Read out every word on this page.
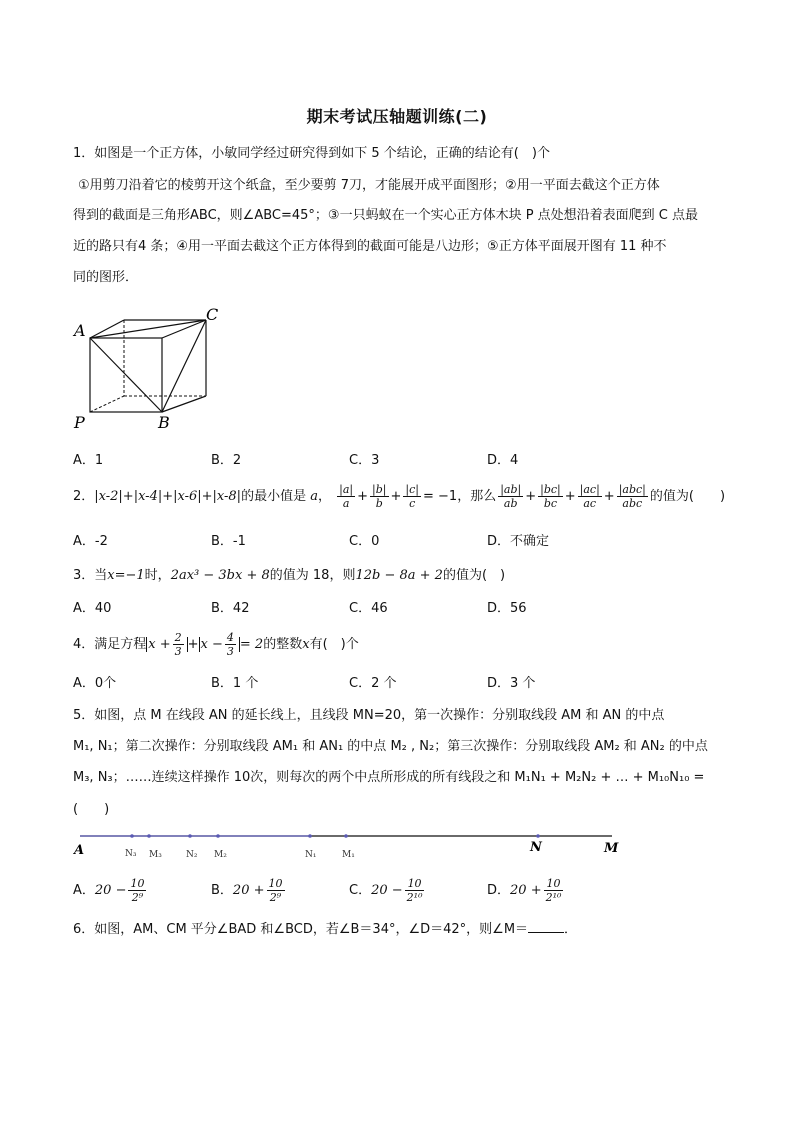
期末考试压轴题训练(二)
1．如图是一个正方体，小敏同学经过研究得到如下 5 个结论，正确的结论有(　)个
①用剪刀沿着它的棱剪开这个纸盒，至少要剪 7刀，才能展开成平面图形；②用一平面去截这个正方体
得到的截面是三角形ABC，则∠ABC=45°；③一只蚂蚁在一个实心正方体木块 P 点处想沿着表面爬到 C 点最
近的路只有4 条；④用一平面去截这个正方体得到的截面可能是八边形；⑤正方体平面展开图有 11 种不
同的图形．
A
C
P	B
A．1	B．2	C．3	D．4
2．|x-2|+|x-4|+|x-6|+|x-8|的最小值是 a， $\frac{|a|}{a} + \frac{|b|}{b} + \frac{|c|}{c} = -1$，那么 $\frac{|ab|}{ab} + \frac{|bc|}{bc} + \frac{|ac|}{ac} + \frac{\text{|abc|}}{\text{abc}}$ 的值为(　　)
A．-2	B．-1	C．0	D．不确定
3．当x=−1时，2ax³ − 3bx + 8的值为 18，则12b − 8a + 2的值为(　)
A．40	B．42	C．46	D．56
4．满足方程 $x + \frac{2}{3} + x - \frac{4}{3} = 2$的整数x有(　)个
A．0个	B．1 个	C．2 个	D．3 个
5．如图，点 M 在线段 AN 的延长线上，且线段 MN=20，第一次操作：分别取线段 AM 和 AN 的中点
M₁, N₁；第二次操作：分别取线段 AM₁ 和 AN₁ 的中点 M₂ , N₂；第三次操作：分别取线段 AM₂ 和 AN₂ 的中点
M₃, N₃；……连续这样操作 10次，则每次的两个中点所形成的所有线段之和 M₁N₁ + M₂N₂ + … + M₁₀N₁₀ =
(　　)
A	N₃ M₃	N₂ M₂	N₁	M₁	N	M
A．$20 - \frac{10}{\text{2⁹}}$	B．$20 + \frac{10}{\text{2⁹}}$	C．$20 - \frac{10}{\text{2¹⁰}}$	D．$20 + \frac{10}{\text{2¹⁰}}$
6．如图，AM、CM 平分∠BAD 和∠BCD，若∠B＝34°，∠D＝42°，则∠M＝	．
